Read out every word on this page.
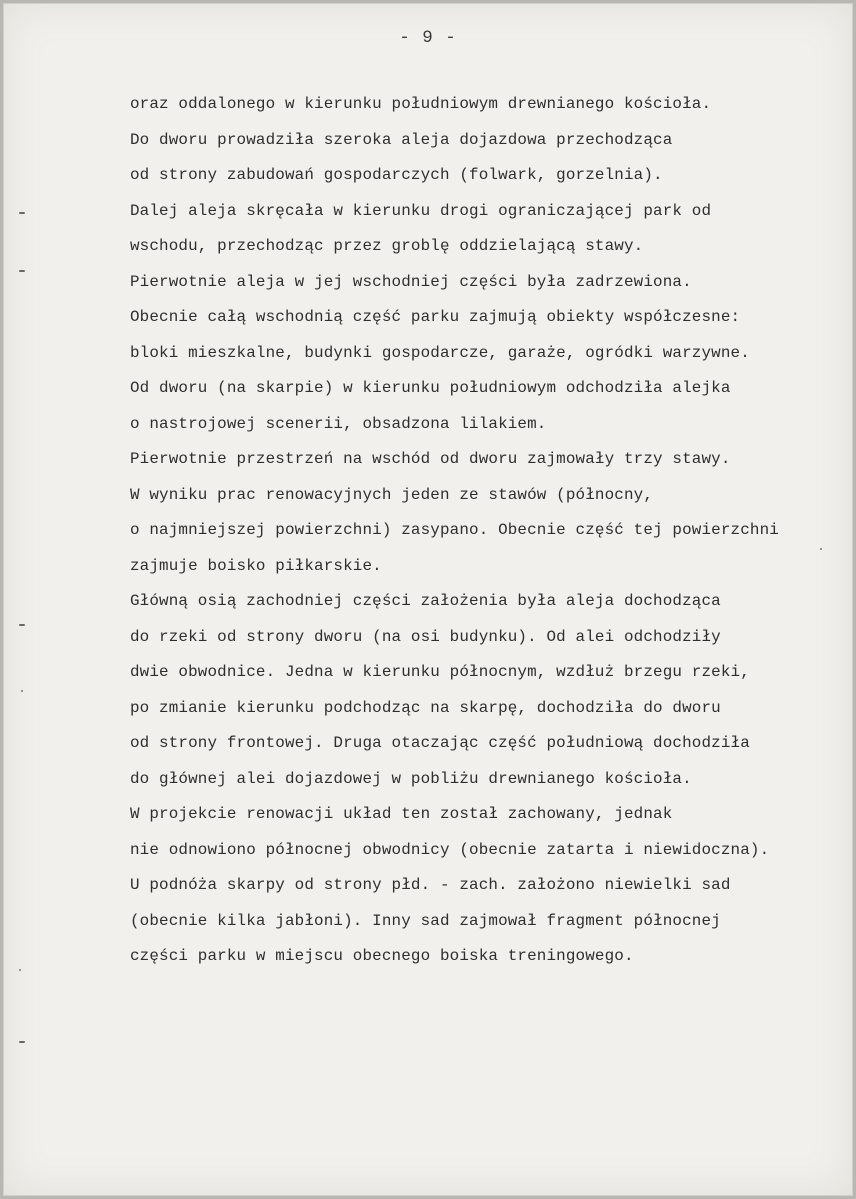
- 9 -
oraz oddalonego w kierunku południowym drewnianego kościoła.
Do dworu prowadziła szeroka aleja dojazdowa przechodząca
od strony zabudowań gospodarczych (folwark, gorzelnia).
Dalej aleja skręcała w kierunku drogi ograniczającej park od
wschodu, przechodząc przez groblę oddzielającą stawy.
Pierwotnie aleja w jej wschodniej części była zadrzewiona.
Obecnie całą wschodnią część parku zajmują obiekty współczesne:
bloki mieszkalne, budynki gospodarcze, garaże, ogródki warzywne.
Od dworu (na skarpie) w kierunku południowym odchodziła alejka
o nastrojowej scenerii, obsadzona lilakiem.
Pierwotnie przestrzeń na wschód od dworu zajmowały trzy stawy.
W wyniku prac renowacyjnych jeden ze stawów (północny,
o najmniejszej powierzchni) zasypano. Obecnie część tej powierzchni
zajmuje boisko piłkarskie.
Główną osią zachodniej części założenia była aleja dochodząca
do rzeki od strony dworu (na osi budynku). Od alei odchodziły
dwie obwodnice. Jedna w kierunku północnym, wzdłuż brzegu rzeki,
po zmianie kierunku podchodząc na skarpę, dochodziła do dworu
od strony frontowej. Druga otaczając część południową dochodziła
do głównej alei dojazdowej w pobliżu drewnianego kościoła.
W projekcie renowacji układ ten został zachowany, jednak
nie odnowiono północnej obwodnicy (obecnie zatarta i niewidoczna).
U podnóża skarpy od strony płd. - zach. założono niewielki sad
(obecnie kilka jabłoni). Inny sad zajmował fragment północnej
części parku w miejscu obecnego boiska treningowego.
